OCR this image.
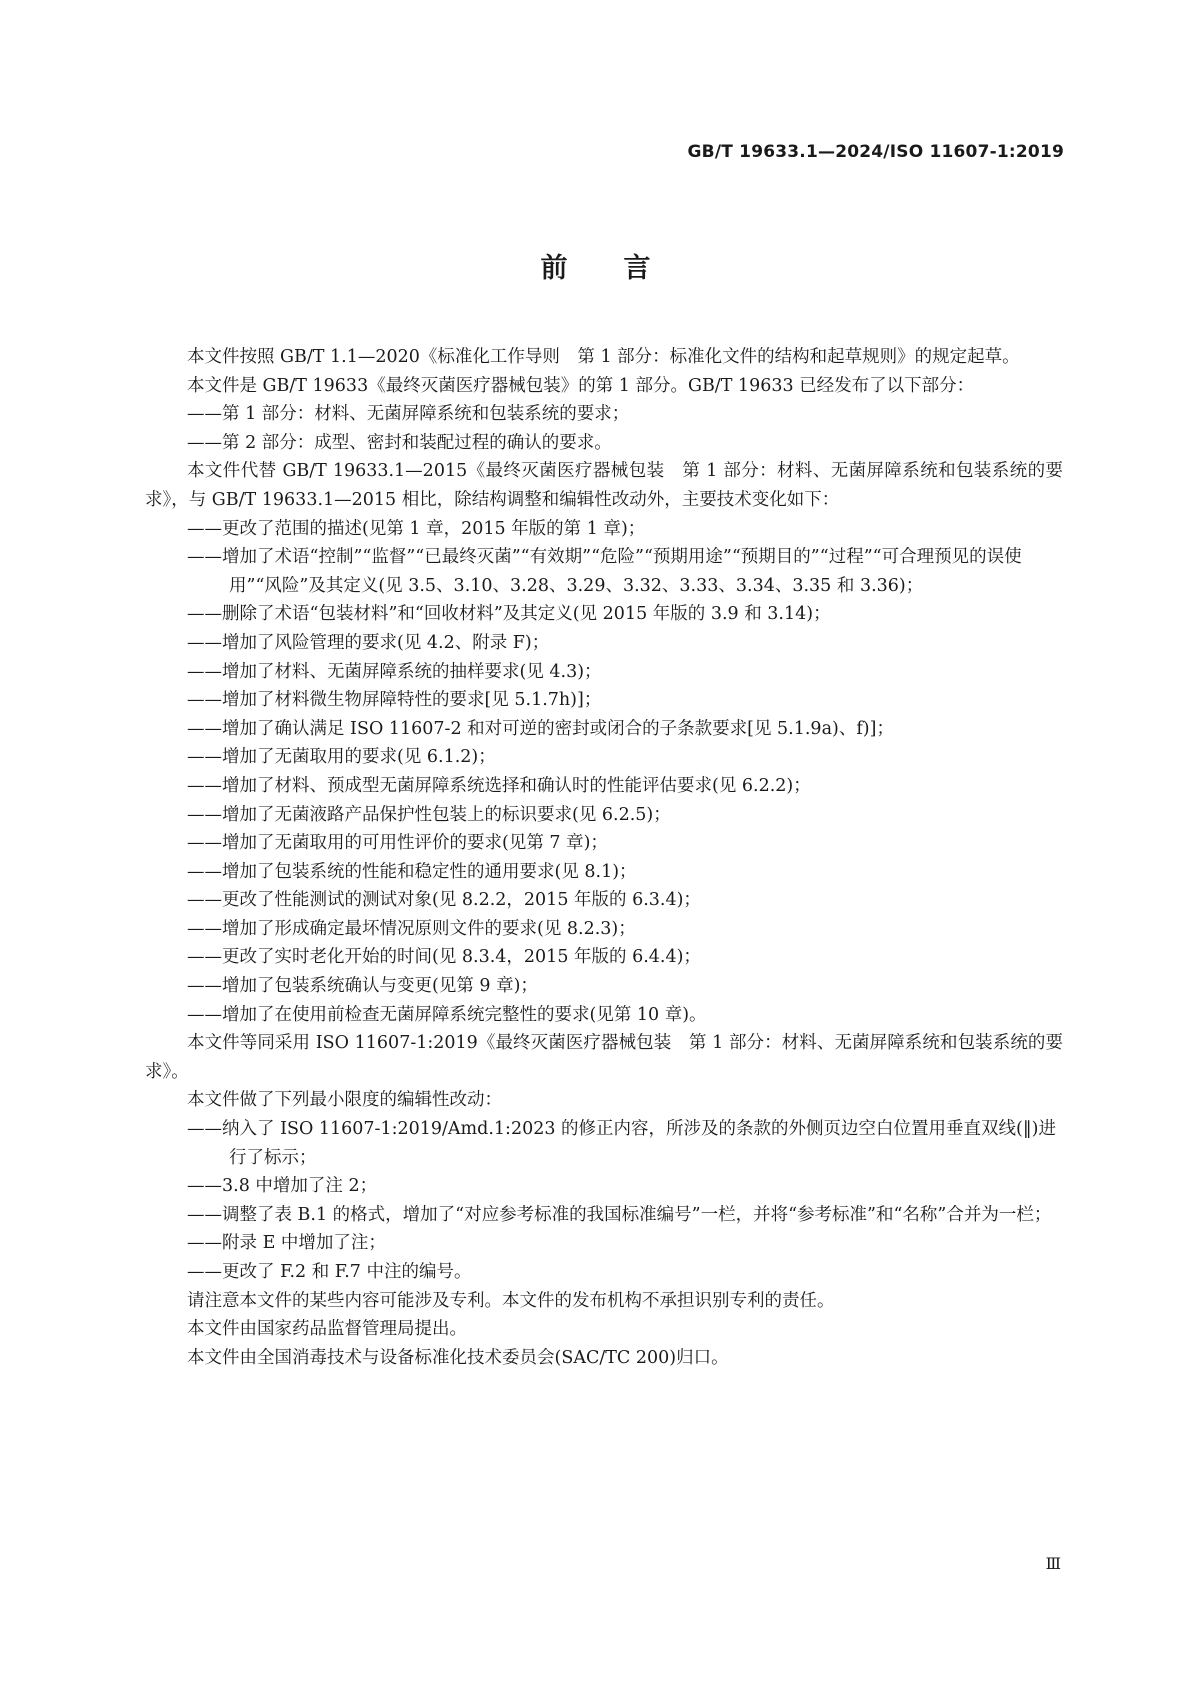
GB/T 19633.1—2024/ISO 11607-1:2019
前言

本文件按照 GB/T 1.1—2020《标准化工作导则　第 1 部分：标准化文件的结构和起草规则》的规定起草。

本文件是 GB/T 19633《最终灭菌医疗器械包装》的第 1 部分。GB/T 19633 已经发布了以下部分：

——第 1 部分：材料、无菌屏障系统和包装系统的要求；

——第 2 部分：成型、密封和装配过程的确认的要求。

本文件代替 GB/T 19633.1—2015《最终灭菌医疗器械包装　第 1 部分：材料、无菌屏障系统和包装系统的要求》，与 GB/T 19633.1—2015 相比，除结构调整和编辑性改动外，主要技术变化如下：

——更改了范围的描述(见第 1 章，2015 年版的第 1 章)；

——增加了术语“控制”“监督”“已最终灭菌”“有效期”“危险”“预期用途”“预期目的”“过程”“可合理预见的误使用”“风险”及其定义(见 3.5、3.10、3.28、3.29、3.32、3.33、3.34、3.35 和 3.36)；

——删除了术语“包装材料”和“回收材料”及其定义(见 2015 年版的 3.9 和 3.14)；

——增加了风险管理的要求(见 4.2、附录 F)；

——增加了材料、无菌屏障系统的抽样要求(见 4.3)；

——增加了材料微生物屏障特性的要求[见 5.1.7h)]；

——增加了确认满足 ISO 11607-2 和对可逆的密封或闭合的子条款要求[见 5.1.9a)、f)]；

——增加了无菌取用的要求(见 6.1.2)；

——增加了材料、预成型无菌屏障系统选择和确认时的性能评估要求(见 6.2.2)；

——增加了无菌液路产品保护性包装上的标识要求(见 6.2.5)；

——增加了无菌取用的可用性评价的要求(见第 7 章)；

——增加了包装系统的性能和稳定性的通用要求(见 8.1)；

——更改了性能测试的测试对象(见 8.2.2，2015 年版的 6.3.4)；

——增加了形成确定最坏情况原则文件的要求(见 8.2.3)；

——更改了实时老化开始的时间(见 8.3.4，2015 年版的 6.4.4)；

——增加了包装系统确认与变更(见第 9 章)；

——增加了在使用前检查无菌屏障系统完整性的要求(见第 10 章)。

本文件等同采用 ISO 11607-1:2019《最终灭菌医疗器械包装　第 1 部分：材料、无菌屏障系统和包装系统的要求》。

本文件做了下列最小限度的编辑性改动：

——纳入了 ISO 11607-1:2019/Amd.1:2023 的修正内容，所涉及的条款的外侧页边空白位置用垂直双线(‖)进行了标示；

——3.8 中增加了注 2；

——调整了表 B.1 的格式，增加了“对应参考标准的我国标准编号”一栏，并将“参考标准”和“名称”合并为一栏；

——附录 E 中增加了注；

——更改了 F.2 和 F.7 中注的编号。

请注意本文件的某些内容可能涉及专利。本文件的发布机构不承担识别专利的责任。

本文件由国家药品监督管理局提出。

本文件由全国消毒技术与设备标准化技术委员会(SAC/TC 200)归口。

Ⅲ
